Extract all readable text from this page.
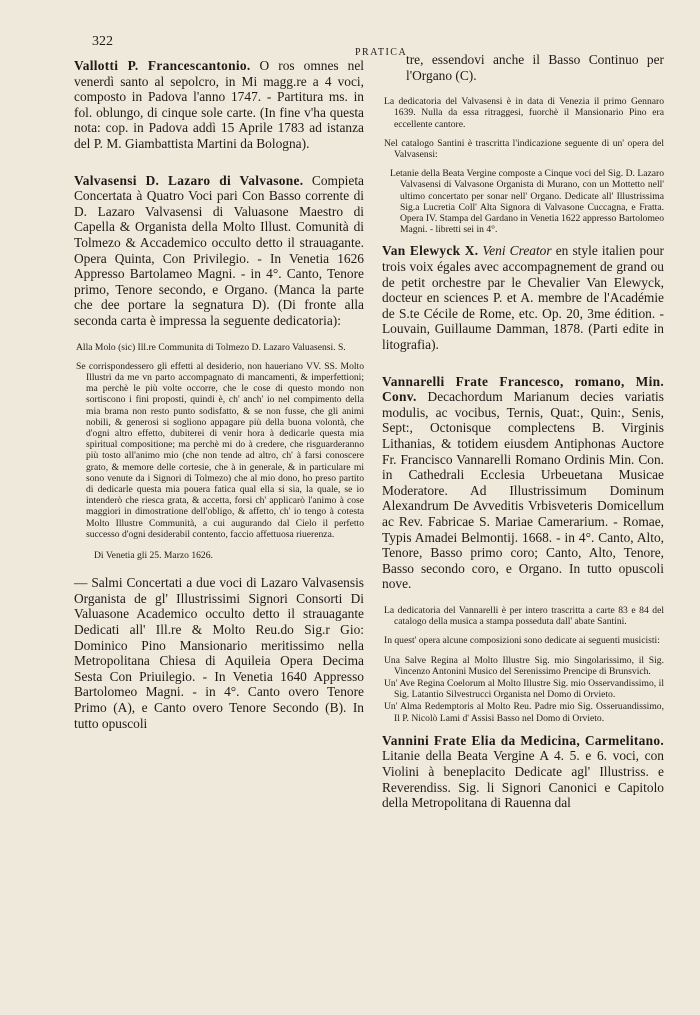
322
PRATICA

Vallotti P. Francescantonio. O ros omnes nel venerdì santo al sepolcro, in Mi magg.re a 4 voci, composto in Padova l'anno 1747. - Partitura ms. in fol. oblungo, di cinque sole carte. (In fine v'ha questa nota: cop. in Padova addì 15 Aprile 1783 ad istanza del P. M. Giambattista Martini da Bologna).

Valvasensi D. Lazaro di Valvasone. Compieta Concertata à Quatro Voci pari Con Basso corrente di D. Lazaro Valvasensi di Valuasone Maestro di Capella & Organista della Molto Illust. Comunità di Tolmezo & Accademico occulto detto il strauagante. Opera Quinta, Con Privilegio. - In Venetia 1626 Appresso Bartolameo Magni. - in 4°. Canto, Tenore primo, Tenore secondo, e Organo. (Manca la parte che dee portare la segnatura D). (Di fronte alla seconda carta è impressa la seguente dedicatoria):

Alla Molo (sic) Ill.re Communita di Tolmezo D. Lazaro Valuasensi. S.

Se corrispondessero gli effetti al desiderio, non haueriano VV. SS. Molto Illustri da me vn parto accompagnato di mancamenti, & imperfettioni; ma perchè le più volte occorre, che le cose di questo mondo non sortiscono i fini proposti, quindi è, ch' anch' io nel compimento della mia brama non resto punto sodisfatto, & se non fusse, che gli animi nobili, & generosi si sogliono appagare più della buona volontà, che d'ogni altro effetto, dubiterei di venir hora à dedicarle questa mia spiritual compositione; ma perchè mi do à credere, che risguarderanno più tosto all'animo mio (che non tende ad altro, ch' à farsi conoscere grato, & memore delle cortesie, che à in generale, & in particulare mi sono venute da i Signori di Tolmezo) che al mio dono, ho preso partito di dedicarle questa mia pouera fatica qual ella si sia, la quale, se io intenderò che riesca grata, & accetta, forsi ch' applicarò l'animo à cose maggiori in dimostratione dell'obligo, & affetto, ch' io tengo à cotesta Molto Illustre Communità, a cui augurando dal Cielo il perfetto successo d'ogni desiderabil contento, faccio affettuosa riuerenza.

Di Venetia gli 25. Marzo 1626.

— Salmi Concertati a due voci di Lazaro Valvasensis Organista de gl' Illustrissimi Signori Consorti Di Valuasone Academico occulto detto il strauagante Dedicati all' Ill.re & Molto Reu.do Sig.r Gio: Dominico Pino Mansionario meritissimo nella Metropolitana Chiesa di Aquileia Opera Decima Sesta Con Priuilegio. - In Venetia 1640 Appresso Bartolomeo Magni. - in 4°. Canto overo Tenore Primo (A), e Canto overo Tenore Secondo (B). In tutto opuscoli

tre, essendovi anche il Basso Continuo per l'Organo (C).

La dedicatoria del Valvasensi è in data di Venezia il primo Gennaro 1639. Nulla da essa ritraggesi, fuorchè il Mansionario Pino era eccellente cantore.

Nel catalogo Santini è trascritta l'indicazione seguente di un' opera del Valvasensi:

Letanie della Beata Vergine composte a Cinque voci del Sig. D. Lazaro Valvasensi di Valvasone Organista di Murano, con un Mottetto nell' ultimo concertato per sonar nell' Organo. Dedicate all' Illustrissima Sig.a Lucretia Coll' Alta Signora di Valvasone Cuccagna, e Fratta. Opera IV. Stampa del Gardano in Venetia 1622 appresso Bartolomeo Magni. - libretti sei in 4°.

Van Elewyck X. Veni Creator en style italien pour trois voix égales avec accompagnement de grand ou de petit orchestre par le Chevalier Van Elewyck, docteur en sciences P. et A. membre de l'Académie de S.te Cécile de Rome, etc. Op. 20, 3me édition. - Louvain, Guillaume Damman, 1878. (Parti edite in litografia).

Vannarelli Frate Francesco, romano, Min. Conv. Decachordum Marianum decies variatis modulis, ac vocibus, Ternis, Quat:, Quin:, Senis, Sept:, Octonisque complectens B. Virginis Lithanias, & totidem eiusdem Antiphonas Auctore Fr. Francisco Vannarelli Romano Ordinis Min. Con. in Cathedrali Ecclesia Urbeuetana Musicae Moderatore. Ad Illustrissimum Dominum Alexandrum De Avveditis Vrbisveteris Domicellum ac Rev. Fabricae S. Mariae Camerarium. - Romae, Typis Amadei Belmontij. 1668. - in 4°. Canto, Alto, Tenore, Basso primo coro; Canto, Alto, Tenore, Basso secondo coro, e Organo. In tutto opuscoli nove.

La dedicatoria del Vannarelli è per intero trascritta a carte 83 e 84 del catalogo della musica a stampa posseduta dall' abate Santini.

In quest' opera alcune composizioni sono dedicate ai seguenti musicisti:

Una Salve Regina al Molto Illustre Sig. mio Singolarissimo, il Sig. Vincenzo Antonini Musico del Serenissimo Prencipe di Brunsvich.

Un' Ave Regina Coelorum al Molto Illustre Sig. mio Osservandissimo, il Sig. Latantio Silvestrucci Organista nel Domo di Orvieto.

Un' Alma Redemptoris al Molto Reu. Padre mio Sig. Osseruandissimo, Il P. Nicolò Lami d' Assisi Basso nel Domo di Orvieto.

Vannini Frate Elia da Medicina, Carmelitano. Litanie della Beata Vergine A 4. 5. e 6. voci, con Violini à beneplacito Dedicate agl' Illustriss. e Reverendiss. Sig. li Signori Canonici e Capitolo della Metropolitana di Rauenna dal
